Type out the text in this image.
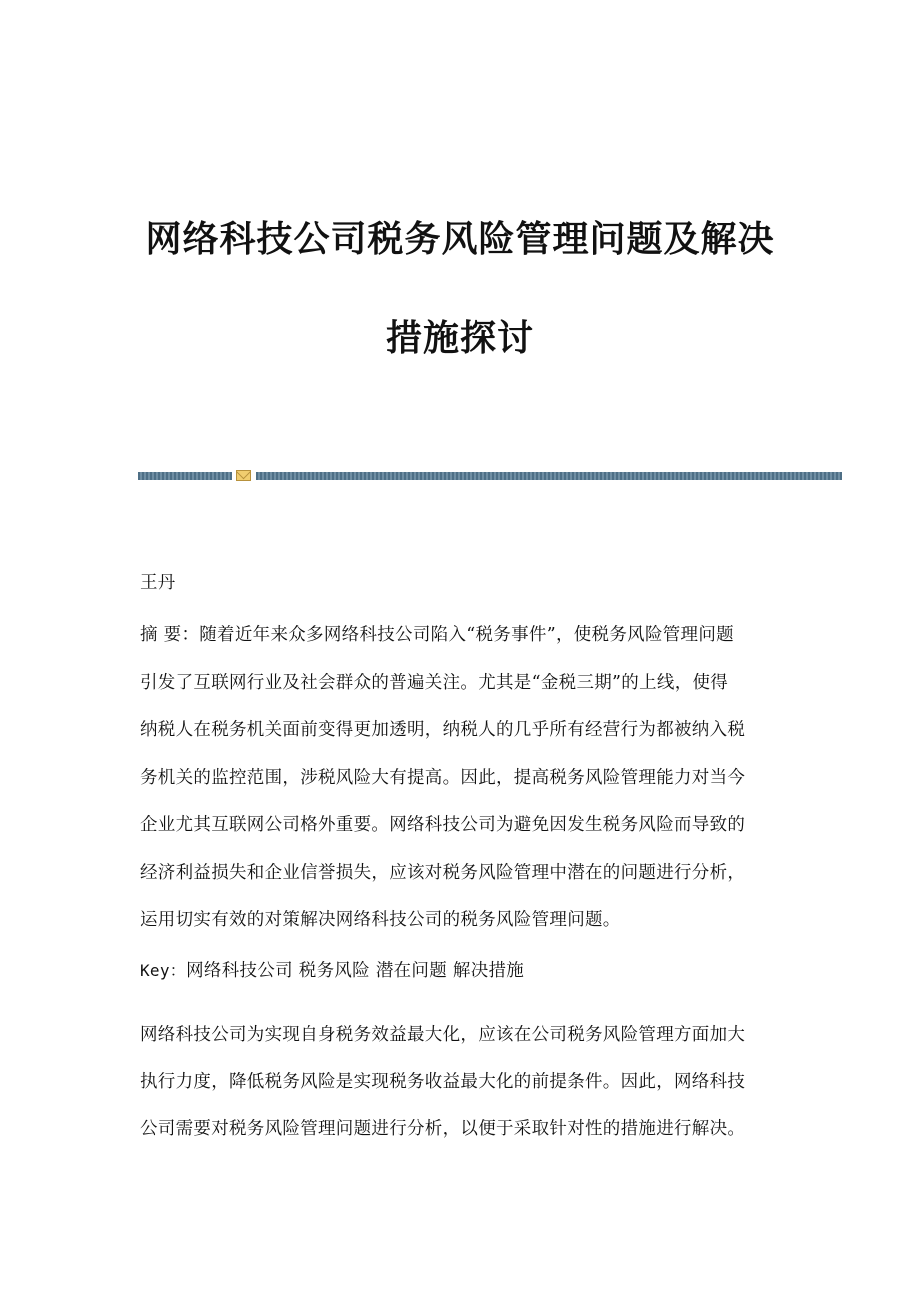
网络科技公司税务风险管理问题及解决
措施探讨
王丹
摘 要：随着近年来众多网络科技公司陷入“税务事件”，使税务风险管理问题
引发了互联网行业及社会群众的普遍关注。尤其是“金税三期”的上线，使得
纳税人在税务机关面前变得更加透明，纳税人的几乎所有经营行为都被纳入税
务机关的监控范围，涉税风险大有提高。因此，提高税务风险管理能力对当今
企业尤其互联网公司格外重要。网络科技公司为避免因发生税务风险而导致的
经济利益损失和企业信誉损失，应该对税务风险管理中潜在的问题进行分析，
运用切实有效的对策解决网络科技公司的税务风险管理问题。
Key：网络科技公司 税务风险 潜在问题 解决措施
网络科技公司为实现自身税务效益最大化，应该在公司税务风险管理方面加大
执行力度，降低税务风险是实现税务收益最大化的前提条件。因此，网络科技
公司需要对税务风险管理问题进行分析，以便于采取针对性的措施进行解决。
